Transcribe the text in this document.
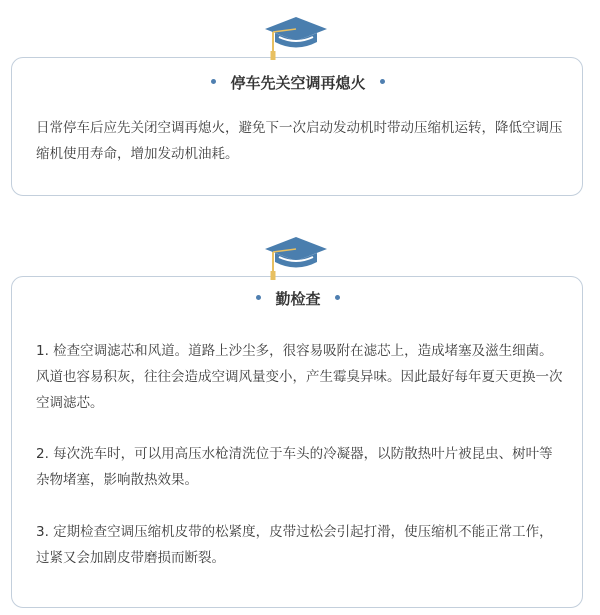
停车先关空调再熄火

日常停车后应先关闭空调再熄火，避免下一次启动发动机时带动压缩机运转，降低空调压缩机使用寿命，增加发动机油耗。

勤检查

1. 检查空调滤芯和风道。道路上沙尘多，很容易吸附在滤芯上，造成堵塞及滋生细菌。风道也容易积灰，往往会造成空调风量变小，产生霉臭异味。因此最好每年夏天更换一次空调滤芯。

2. 每次洗车时，可以用高压水枪清洗位于车头的冷凝器，以防散热叶片被昆虫、树叶等杂物堵塞，影响散热效果。

3. 定期检查空调压缩机皮带的松紧度，皮带过松会引起打滑，使压缩机不能正常工作，过紧又会加剧皮带磨损而断裂。
